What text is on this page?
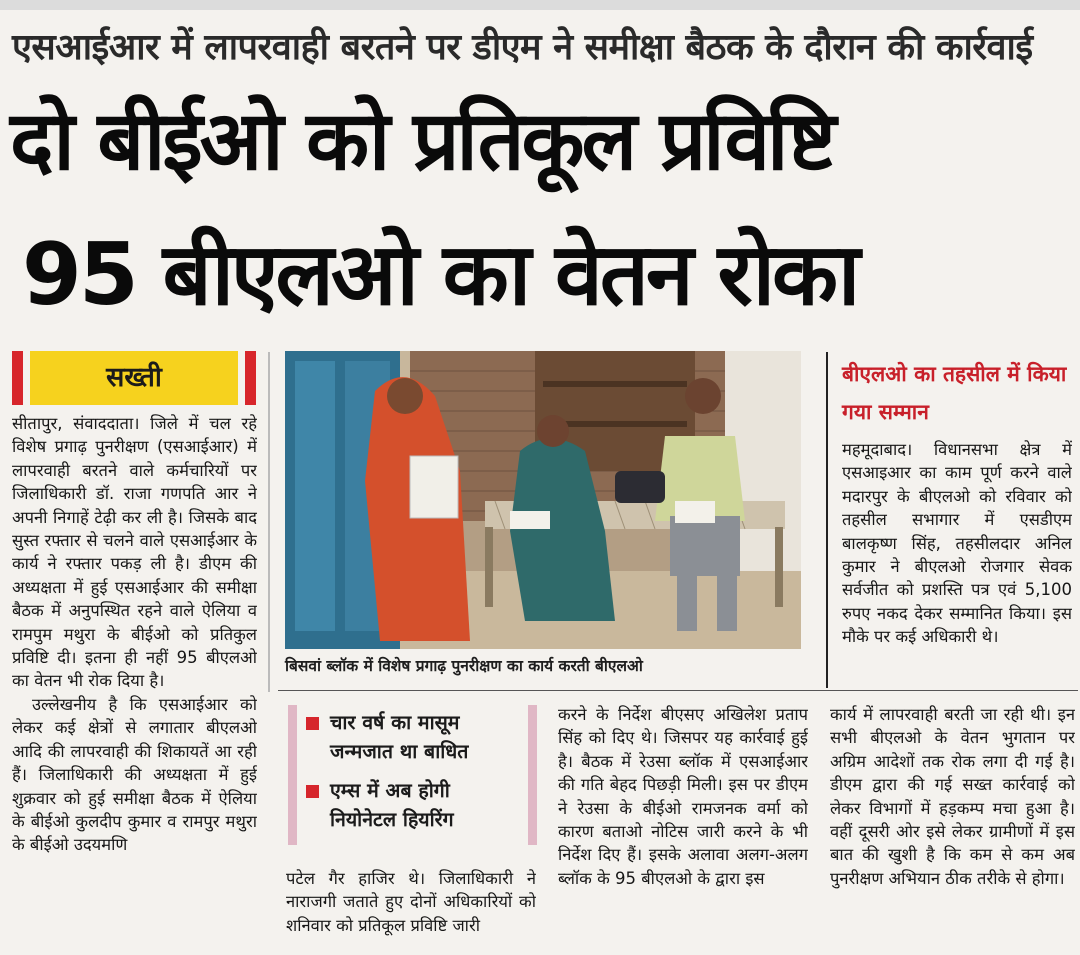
एसआईआर में लापरवाही बरतने पर डीएम ने समीक्षा बैठक के दौरान की कार्रवाई
दो बीईओ को प्रतिकूल प्रविष्टि
95 बीएलओ का वेतन रोका
सख्ती

सीतापुर, संवाददाता। जिले में चल रहे विशेष प्रगाढ़ पुनरीक्षण (एसआईआर) में लापरवाही बरतने वाले कर्मचारियों पर जिलाधिकारी डॉ. राजा गणपति आर ने अपनी निगाहें टेढ़ी कर ली है। जिसके बाद सुस्त रफ्तार से चलने वाले एसआईआर के कार्य ने रफ्तार पकड़ ली है। डीएम की अध्यक्षता में हुई एसआईआर की समीक्षा बैठक में अनुपस्थित रहने वाले ऐलिया व रामपुम मथुरा के बीईओ को प्रतिकुल प्रविष्टि दी। इतना ही नहीं 95 बीएलओ का वेतन भी रोक दिया है।

उल्लेखनीय है कि एसआईआर को लेकर कई क्षेत्रों से लगातार बीएलओ आदि की लापरवाही की शिकायतें आ रही हैं। जिलाधिकारी की अध्यक्षता में हुई शुक्रवार को हुई समीक्षा बैठक में ऐलिया के बीईओ कुलदीप कुमार व रामपुर मथुरा के बीईओ उदयमणि

बिसवां ब्लॉक में विशेष प्रगाढ़ पुनरीक्षण का कार्य करती बीएलओ
बीएलओ का तहसील में किया गया सम्मान
महमूदाबाद। विधानसभा क्षेत्र में एसआइआर का काम पूर्ण करने वाले मदारपुर के बीएलओ को रविवार को तहसील सभागार में एसडीएम बालकृष्ण सिंह, तहसीलदार अनिल कुमार ने बीएलओ रोजगार सेवक सर्वजीत को प्रशस्ति पत्र एवं 5,100 रुपए नकद देकर सम्मानित किया। इस मौके पर कई अधिकारी थे।
चार वर्ष का मासूम जन्मजात था बाधित
एम्स में अब होगी नियोनेटल हियरिंग
पटेल गैर हाजिर थे। जिलाधिकारी ने नाराजगी जताते हुए दोनों अधिकारियों को शनिवार को प्रतिकूल प्रविष्टि जारी
करने के निर्देश बीएसए अखिलेश प्रताप सिंह को दिए थे। जिसपर यह कार्रवाई हुई है। बैठक में रेउसा ब्लॉक में एसआईआर की गति बेहद पिछड़ी मिली। इस पर डीएम ने रेउसा के बीईओ रामजनक वर्मा को कारण बताओ नोटिस जारी करने के भी निर्देश दिए हैं। इसके अलावा अलग-अलग ब्लॉक के 95 बीएलओ के द्वारा इस
कार्य में लापरवाही बरती जा रही थी। इन सभी बीएलओ के वेतन भुगतान पर अग्रिम आदेशों तक रोक लगा दी गई है। डीएम द्वारा की गई सख्त कार्रवाई को लेकर विभागों में हड़कम्प मचा हुआ है। वहीं दूसरी ओर इसे लेकर ग्रामीणों में इस बात की खुशी है कि कम से कम अब पुनरीक्षण अभियान ठीक तरीके से होगा।
